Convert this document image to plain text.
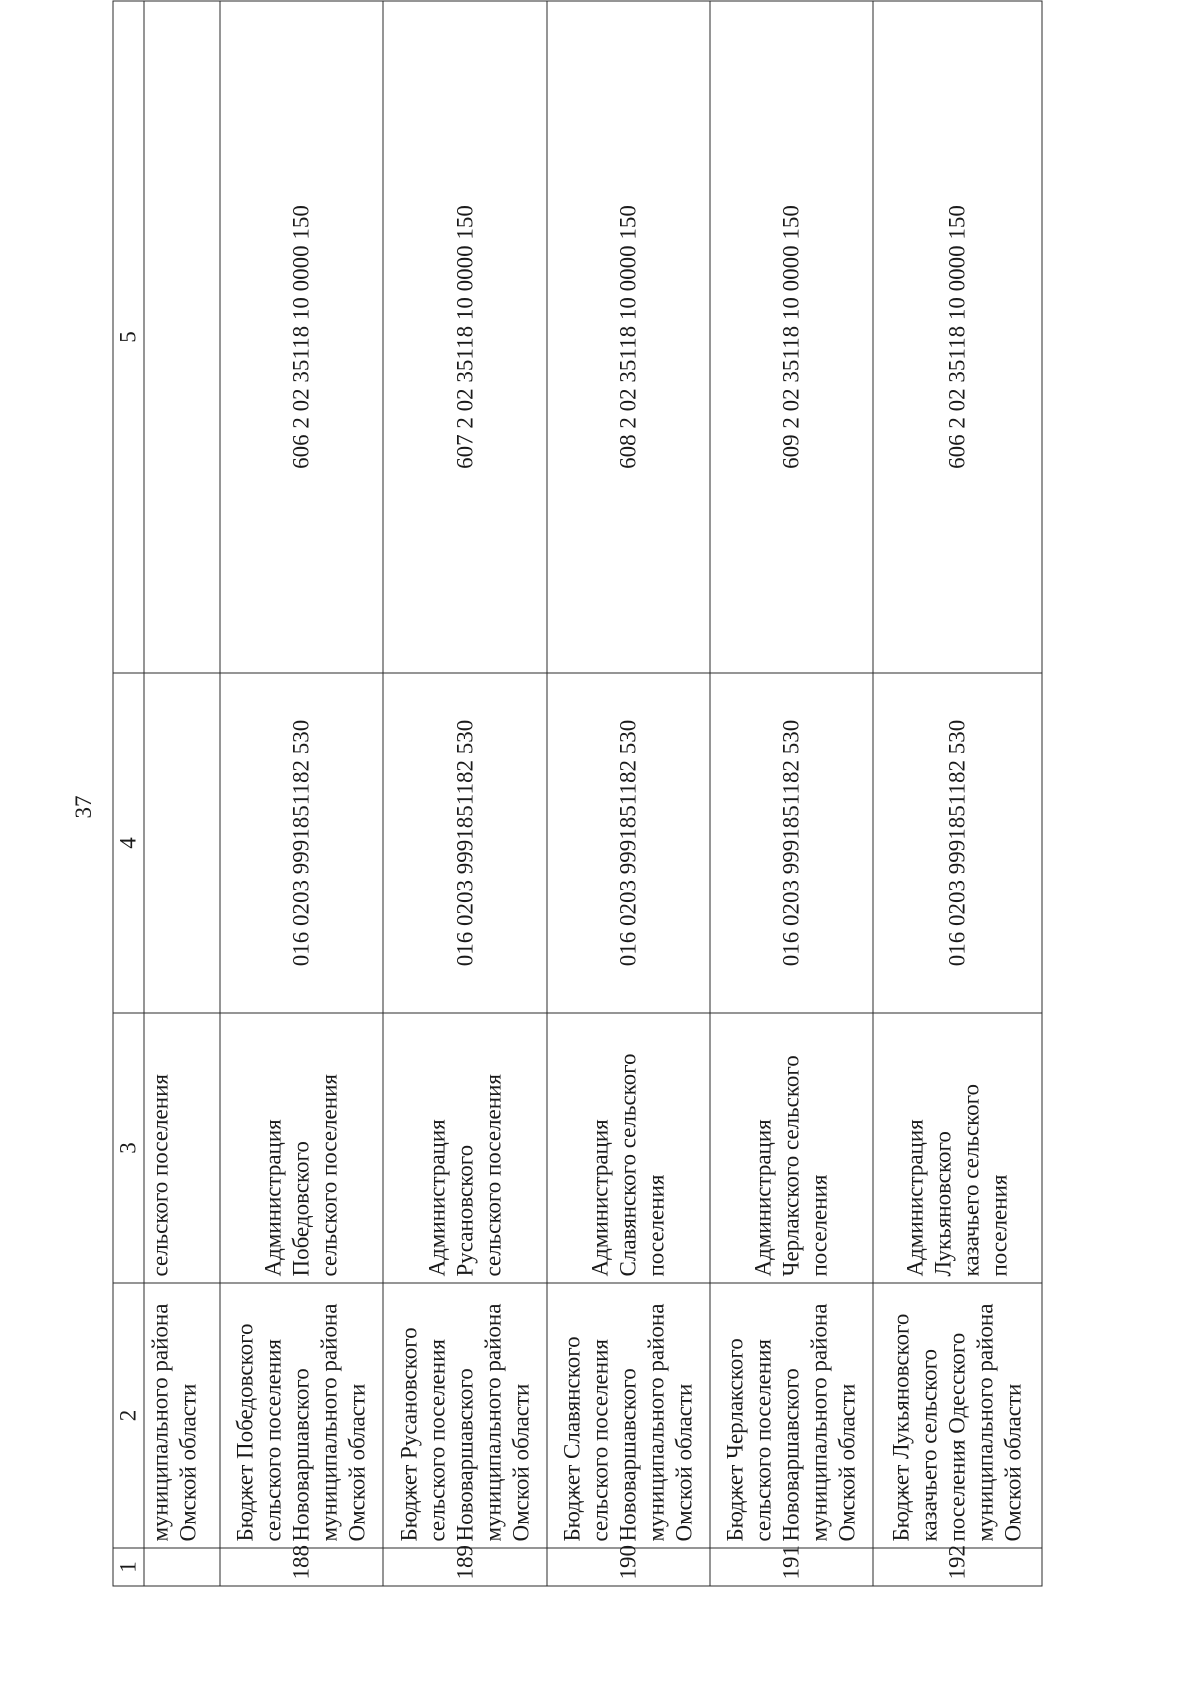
37
1	2	3	4	5

	муниципального района Омской области	сельского поселения		

188	Бюджет Победовского сельского поселения Нововаршавского муниципального района Омской области	Администрация Победовского сельского поселения	016 0203 9991851182 530	606 2 02 35118 10 0000 150
189	Бюджет Русановского сельского поселения Нововаршавского муниципального района Омской области	Администрация Русановского сельского поселения	016 0203 9991851182 530	607 2 02 35118 10 0000 150
190	Бюджет Славянского сельского поселения Нововаршавского муниципального района Омской области	Администрация Славянского сельского поселения	016 0203 9991851182 530	608 2 02 35118 10 0000 150
191	Бюджет Черлакского сельского поселения Нововаршавского муниципального района Омской области	Администрация Черлакского сельского поселения	016 0203 9991851182 530	609 2 02 35118 10 0000 150
192	Бюджет Лукьяновского казачьего сельского поселения Одесского муниципального района Омской области	Администрация Лукьяновского казачьего сельского поселения	016 0203 9991851182 530	606 2 02 35118 10 0000 150
